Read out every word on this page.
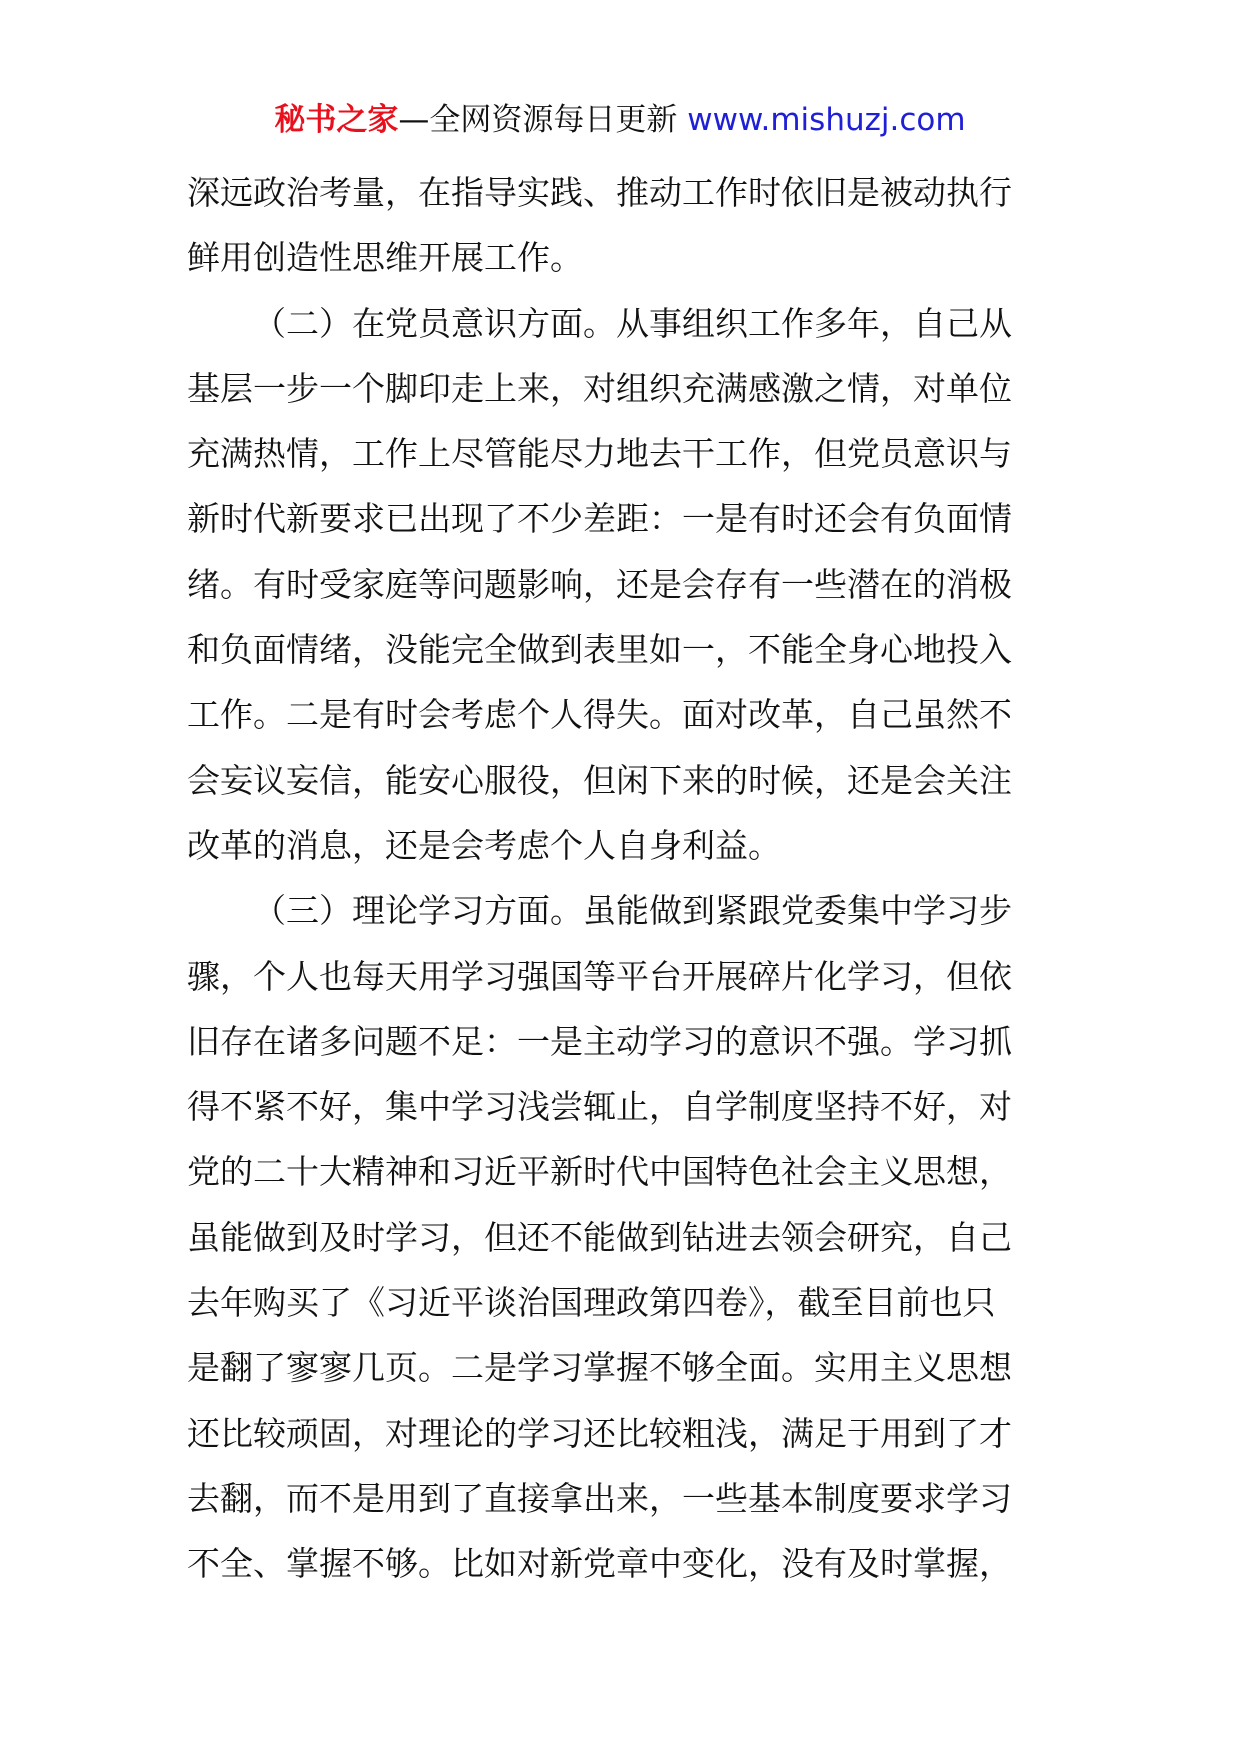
秘书之家—全网资源每日更新 www.mishuzj.com
深远政治考量，在指导实践、推动工作时依旧是被动执行
鲜用创造性思维开展工作。
（二）在党员意识方面。从事组织工作多年，自己从
基层一步一个脚印走上来，对组织充满感激之情，对单位
充满热情，工作上尽管能尽力地去干工作，但党员意识与
新时代新要求已出现了不少差距：一是有时还会有负面情
绪。有时受家庭等问题影响，还是会存有一些潜在的消极
和负面情绪，没能完全做到表里如一，不能全身心地投入
工作。二是有时会考虑个人得失。面对改革，自己虽然不
会妄议妄信，能安心服役，但闲下来的时候，还是会关注
改革的消息，还是会考虑个人自身利益。
（三）理论学习方面。虽能做到紧跟党委集中学习步
骤，个人也每天用学习强国等平台开展碎片化学习，但依
旧存在诸多问题不足：一是主动学习的意识不强。学习抓
得不紧不好，集中学习浅尝辄止，自学制度坚持不好，对
党的二十大精神和习近平新时代中国特色社会主义思想，
虽能做到及时学习，但还不能做到钻进去领会研究，自己
去年购买了《习近平谈治国理政第四卷》，截至目前也只
是翻了寥寥几页。二是学习掌握不够全面。实用主义思想
还比较顽固，对理论的学习还比较粗浅，满足于用到了才
去翻，而不是用到了直接拿出来，一些基本制度要求学习
不全、掌握不够。比如对新党章中变化，没有及时掌握，
